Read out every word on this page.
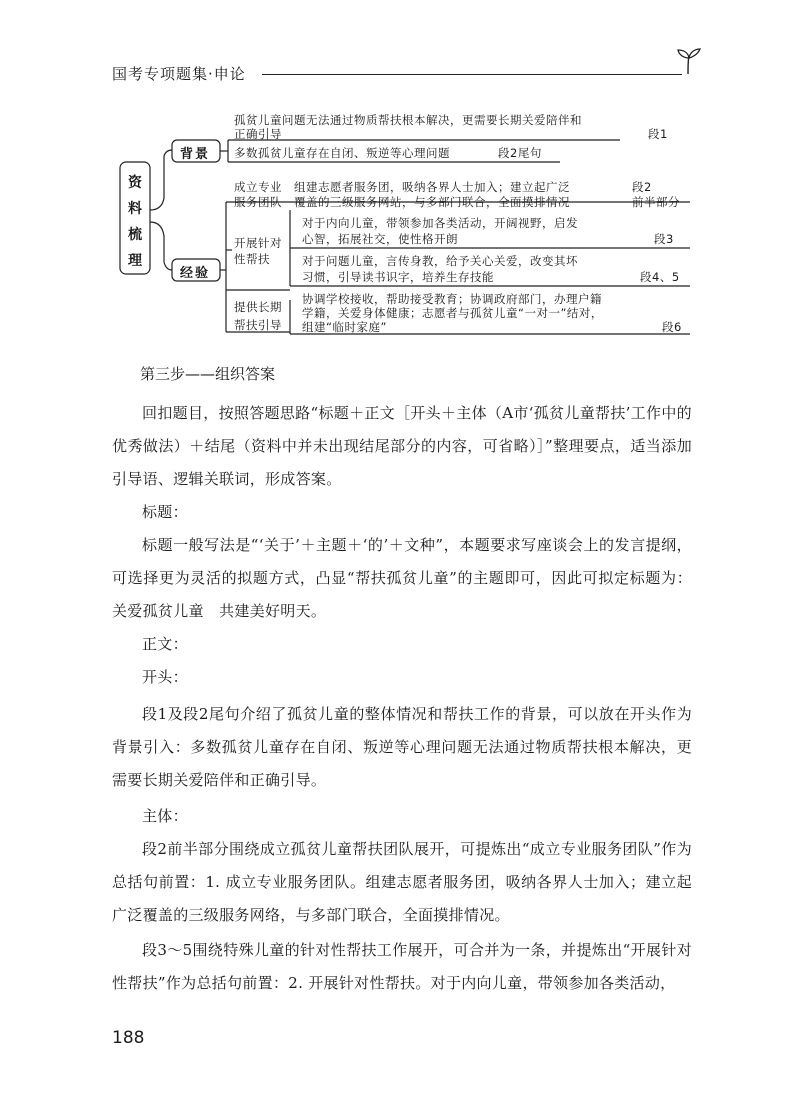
国考专项题集·申论
资
料
梳
理
背景
孤贫儿童问题无法通过物质帮扶根本解决，更需要长期关爱陪伴和
正确引导	段1
多数孤贫儿童存在自闭、叛逆等心理问题	段2尾句
经验
成立专业
服务团队
组建志愿者服务团，吸纳各界人士加入；建立起广泛
覆盖的三级服务网站，与多部门联合，全面摸排情况
段2
前半部分
开展针对
性帮扶
对于内向儿童，带领参加各类活动，开阔视野，启发
心智，拓展社交，使性格开朗	段3
对于问题儿童，言传身教，给予关心关爱，改变其坏
习惯，引导读书识字，培养生存技能	段4、5
提供长期
帮扶引导
协调学校接收，帮助接受教育；协调政府部门，办理户籍
学籍，关爱身体健康；志愿者与孤贫儿童“一对一”结对，
组建“临时家庭”	段6
第三步——组织答案
回扣题目，按照答题思路“标题＋正文［开头＋主体（A市‘孤贫儿童帮扶’工作中的优秀做法）＋结尾（资料中并未出现结尾部分的内容，可省略）］”整理要点，适当添加引导语、逻辑关联词，形成答案。
标题：
标题一般写法是“‘关于’＋主题＋‘的’＋文种”，本题要求写座谈会上的发言提纲，可选择更为灵活的拟题方式，凸显“帮扶孤贫儿童”的主题即可，因此可拟定标题为：关爱孤贫儿童　共建美好明天。
正文：
开头：
段1及段2尾句介绍了孤贫儿童的整体情况和帮扶工作的背景，可以放在开头作为背景引入：多数孤贫儿童存在自闭、叛逆等心理问题无法通过物质帮扶根本解决，更需要长期关爱陪伴和正确引导。
主体：
段2前半部分围绕成立孤贫儿童帮扶团队展开，可提炼出“成立专业服务团队”作为总括句前置：1. 成立专业服务团队。组建志愿者服务团，吸纳各界人士加入；建立起广泛覆盖的三级服务网络，与多部门联合，全面摸排情况。
段3～5围绕特殊儿童的针对性帮扶工作展开，可合并为一条，并提炼出“开展针对性帮扶”作为总括句前置：2. 开展针对性帮扶。对于内向儿童，带领参加各类活动，
188
